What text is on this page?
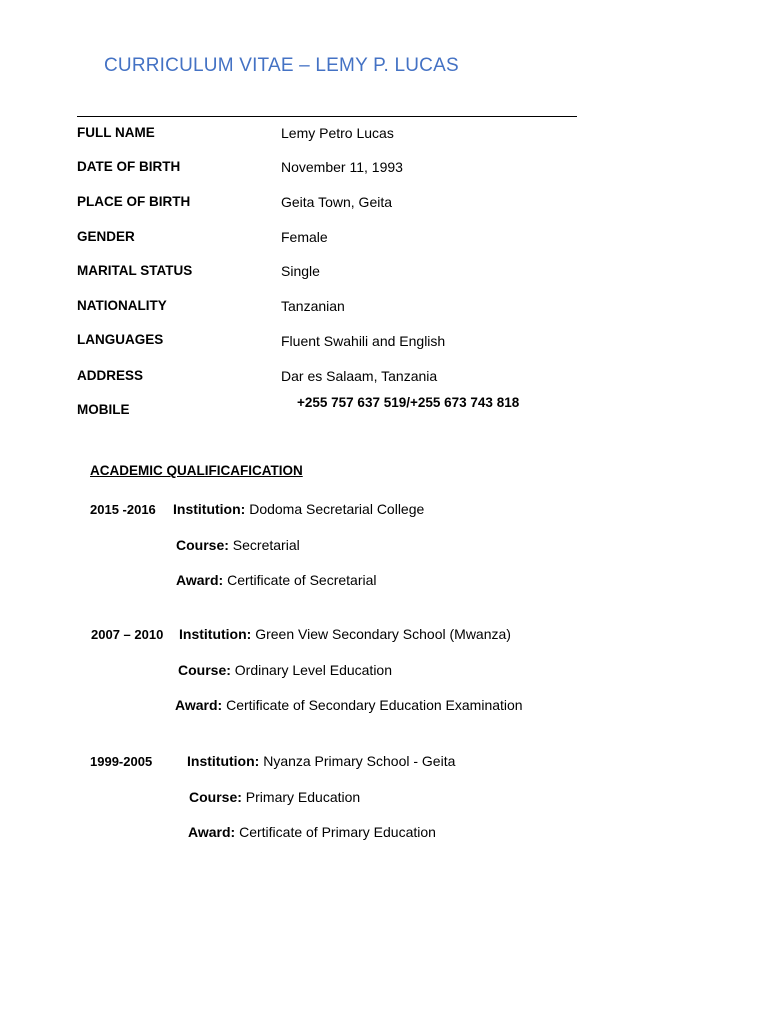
CURRICULUM VITAE – LEMY P. LUCAS
FULL NAME	Lemy Petro Lucas
DATE OF BIRTH	November 11, 1993
PLACE OF BIRTH	Geita Town, Geita
GENDER	Female
MARITAL STATUS	Single
NATIONALITY	Tanzanian
LANGUAGES	Fluent Swahili and English
ADDRESS	Dar es Salaam, Tanzania
MOBILE	+255 757 637 519/+255 673 743 818
ACADEMIC QUALIFICAFICATION
2015 -2016 Institution: Dodoma Secretarial College
Course: Secretarial
Award: Certificate of Secretarial
2007 – 2010 Institution: Green View Secondary School (Mwanza)
Course: Ordinary Level Education
Award: Certificate of Secondary Education Examination
1999-2005 Institution: Nyanza Primary School - Geita
Course: Primary Education
Award: Certificate of Primary Education
